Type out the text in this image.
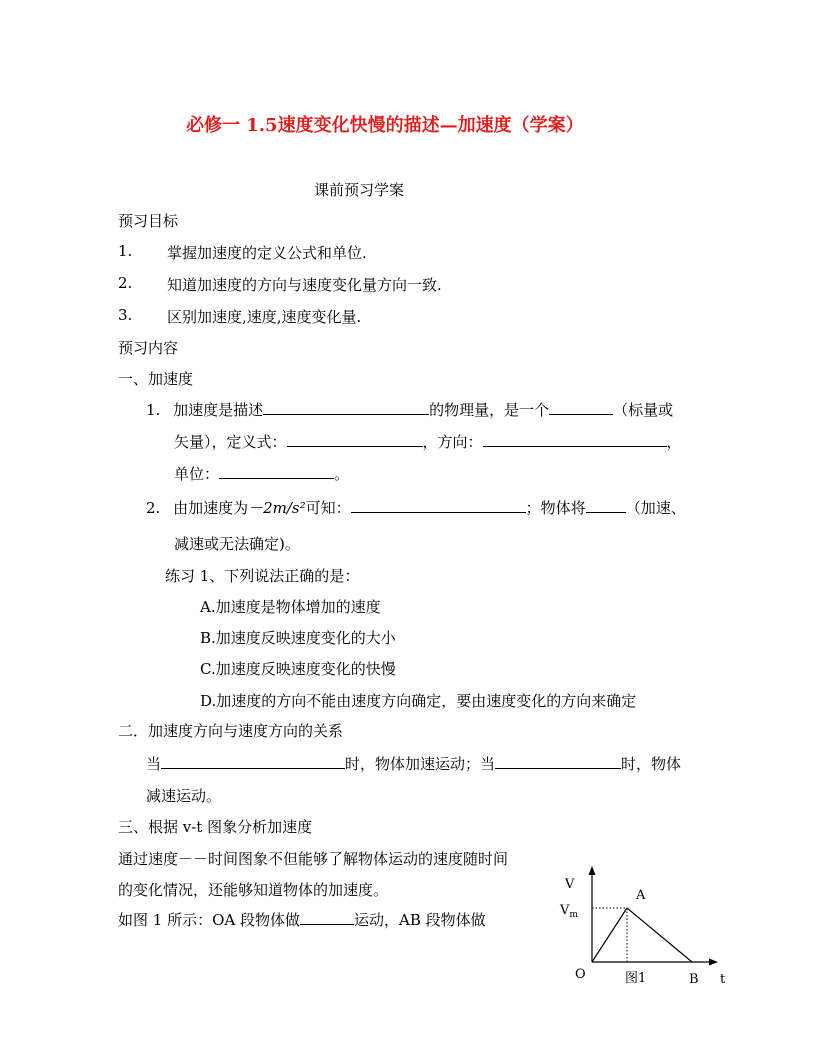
必修一 1.5速度变化快慢的描述—加速度（学案）
课前预习学案
预习目标
1. 掌握加速度的定义公式和单位.
2. 知道加速度的方向与速度变化量方向一致.
3. 区别加速度,速度,速度变化量.
预习内容
一、加速度
1. 加速度是描述	的物理量，是一个	（标量或
矢量），定义式：	，方向：	，
单位：	。
2. 由加速度为－2m/s²可知：	；物体将	（加速、
减速或无法确定)。
练习 1、下列说法正确的是：
A.加速度是物体增加的速度
B.加速度反映速度变化的大小
C.加速度反映速度变化的快慢
D.加速度的方向不能由速度方向确定，要由速度变化的方向来确定
二．加速度方向与速度方向的关系
当	时，物体加速运动；当	时，物体
减速运动。
三、根据 v-t 图象分析加速度
通过速度－－时间图象不但能够了解物体运动的速度随时间
的变化情况，还能够知道物体的加速度。
如图 1 所示：OA 段物体做	运动，AB 段物体做
V
$V_m$
A
O	图1	B t
